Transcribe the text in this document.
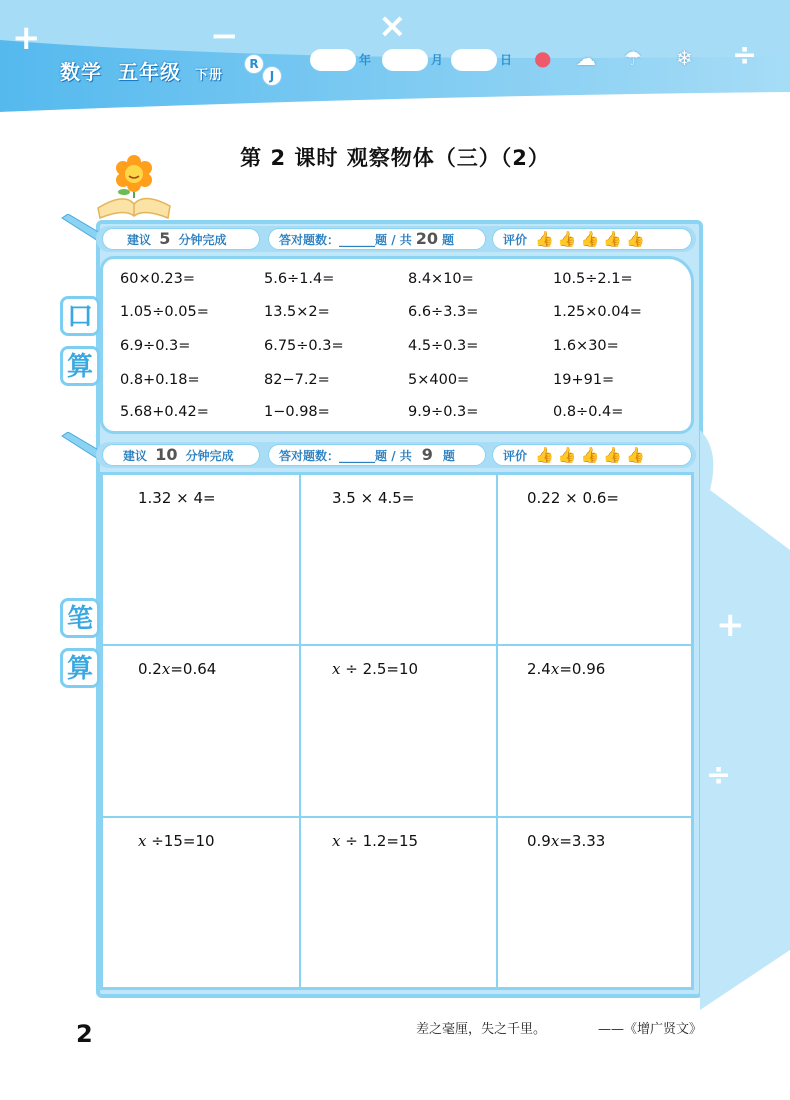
+	×
−	÷
数学 五年级 下册
R
J
年	月	日 ● ☁ ☂ ❄
第 2 课时 观察物体（三）（2）
+
÷
建议 5 分钟完成	答对题数：______题 / 共 20 题	评价 👍 👍 👍 👍 👍
口
算
60×0.23=	5.6÷1.4=	8.4×10=	10.5÷2.1=
1.05÷0.05=	13.5×2=	6.6÷3.3=	1.25×0.04=
6.9÷0.3=	6.75÷0.3=	4.5÷0.3=	1.6×30=
0.8+0.18=	82−7.2=	5×400=	19+91=
5.68+0.42=	1−0.98=	9.9÷0.3=	0.8÷0.4=
建议 10 分钟完成	答对题数：______题 / 共 9 题	评价 👍 👍 👍 👍 👍
笔
算
1.32 × 4=	3.5 × 4.5=	0.22 × 0.6=
0.2x=0.64	x ÷ 2.5=10	2.4x=0.96
x ÷15=10	x ÷ 1.2=15	0.9x=3.33
2	差之毫厘，失之千里。	——《增广贤文》
